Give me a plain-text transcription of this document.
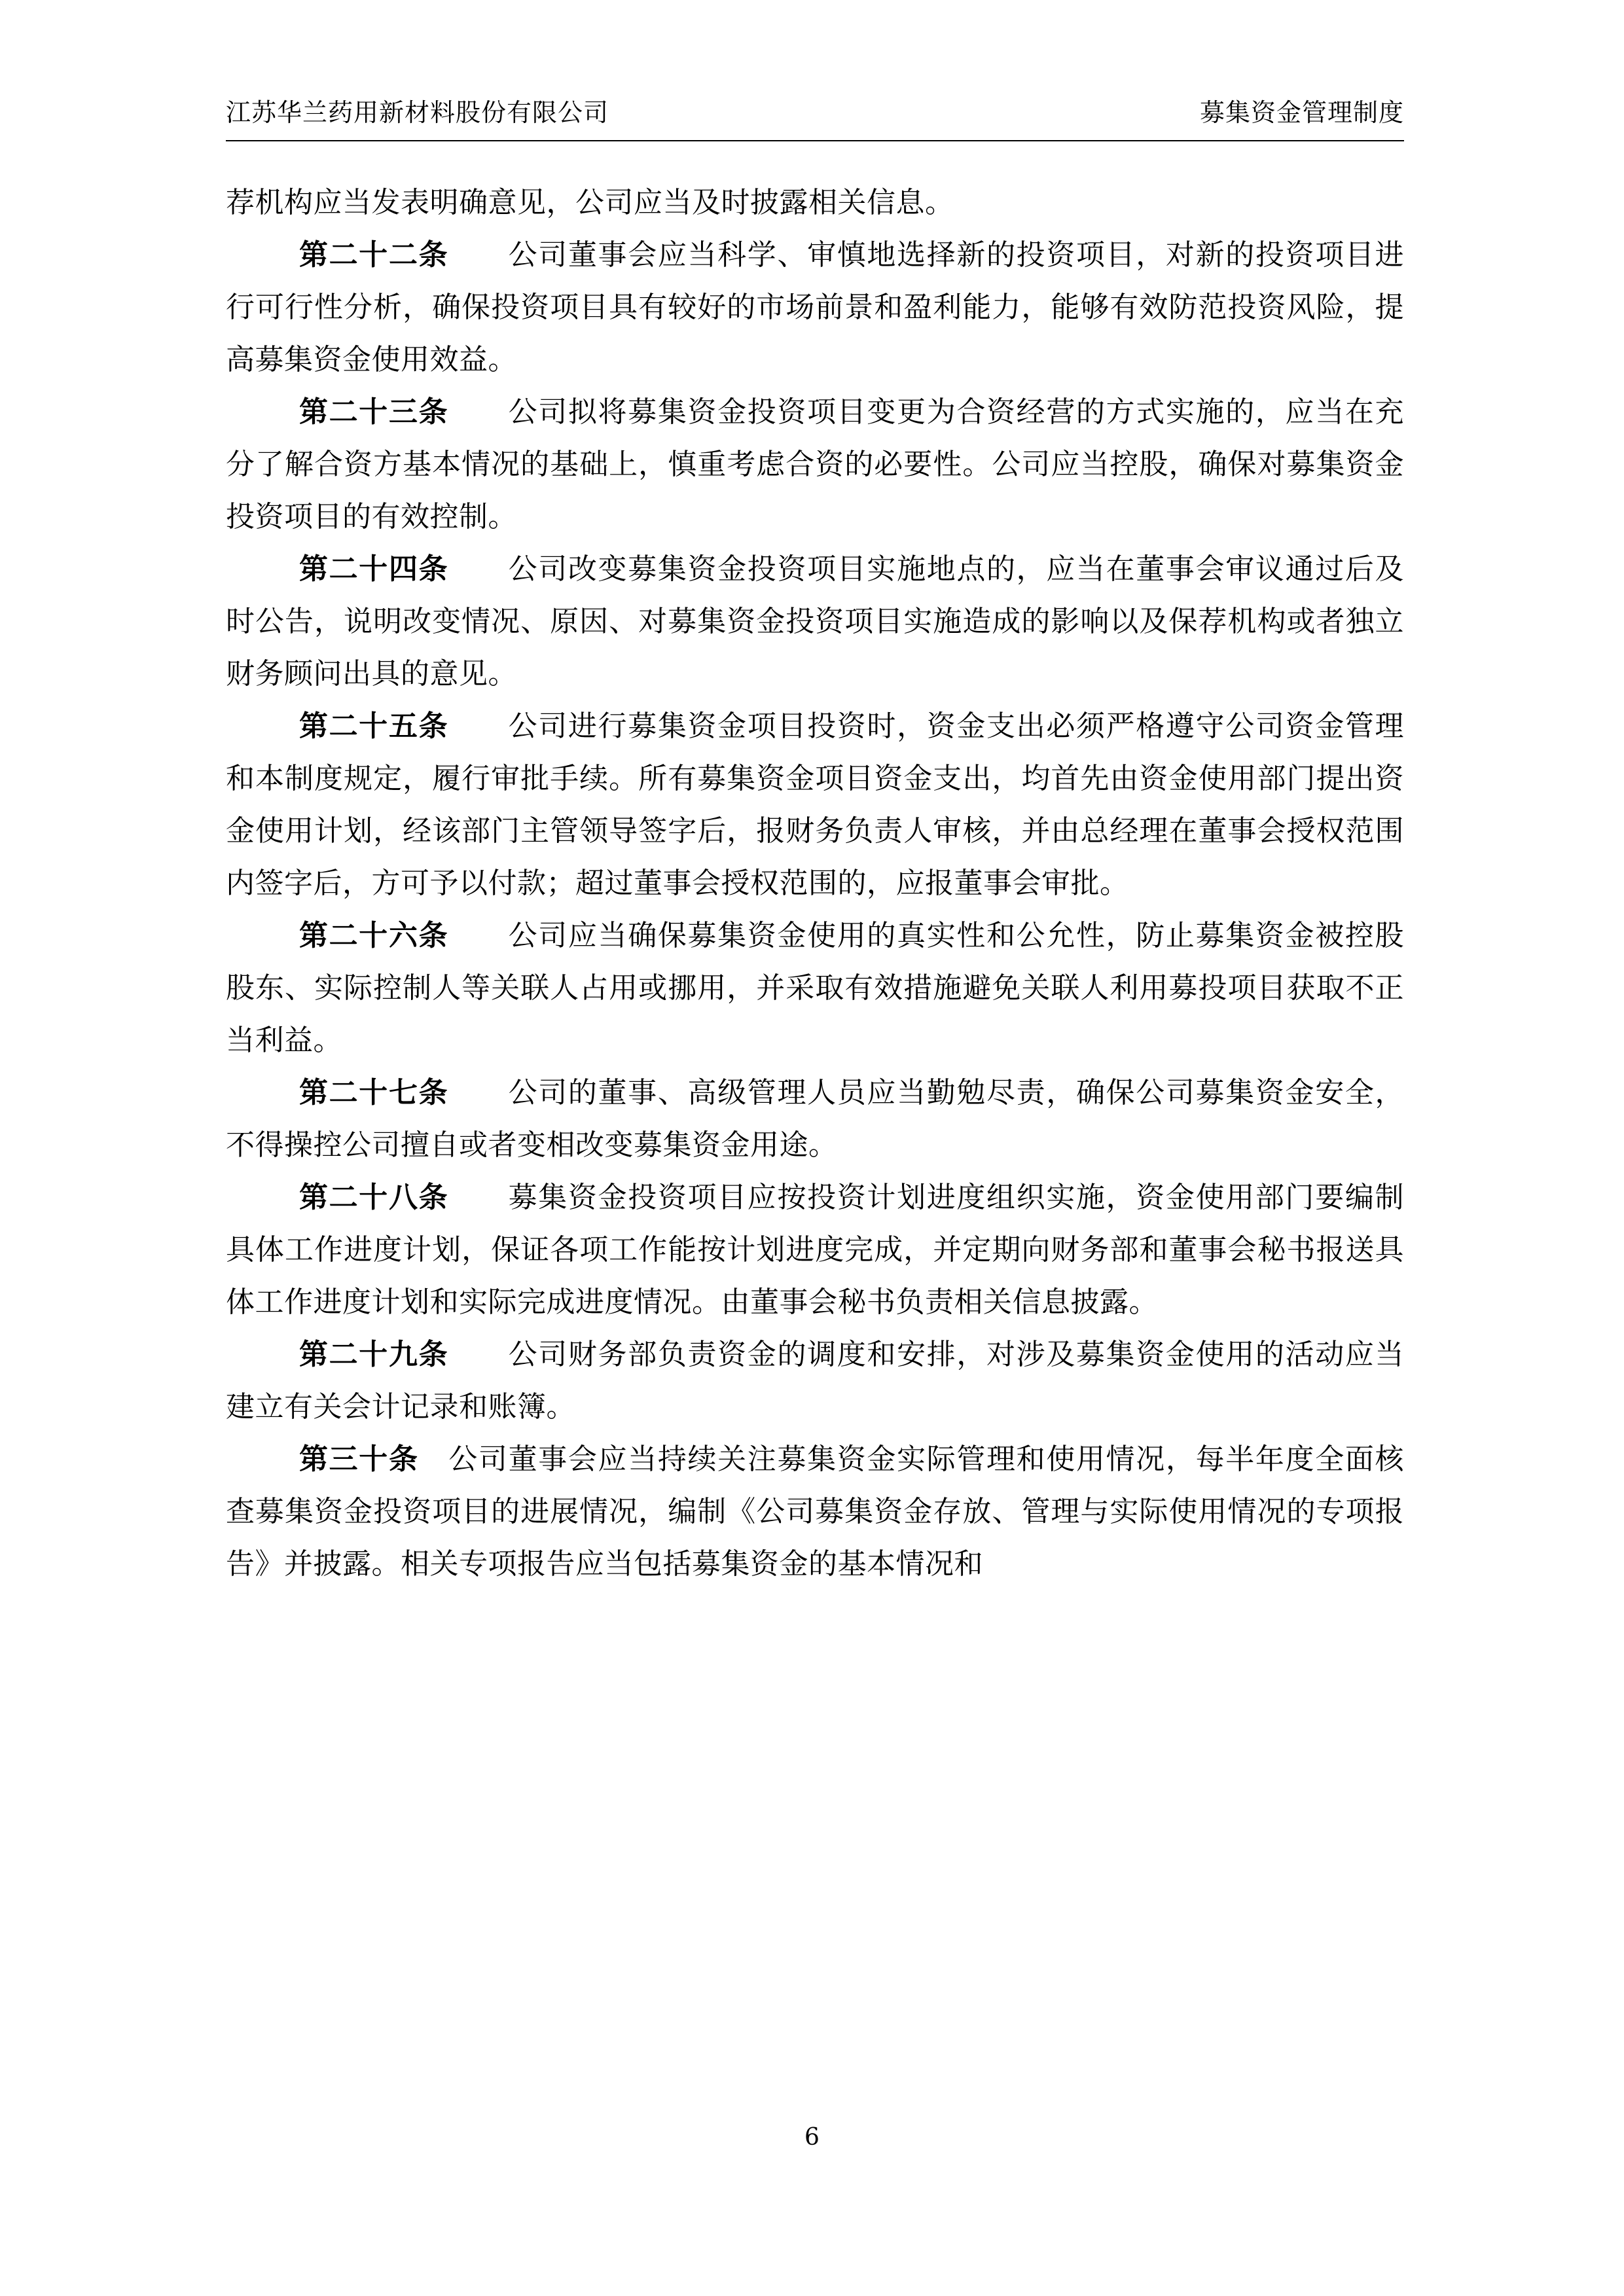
江苏华兰药用新材料股份有限公司	募集资金管理制度

荐机构应当发表明确意见，公司应当及时披露相关信息。

第二十二条　　 公司董事会应当科学、审慎地选择新的投资项目，对新的投资项目进行可行性分析，确保投资项目具有较好的市场前景和盈利能力，能够有效防范投资风险，提高募集资金使用效益。

第二十三条　　 公司拟将募集资金投资项目变更为合资经营的方式实施的，应当在充分了解合资方基本情况的基础上，慎重考虑合资的必要性。公司应当控股，确保对募集资金投资项目的有效控制。

第二十四条　　 公司改变募集资金投资项目实施地点的，应当在董事会审议通过后及时公告，说明改变情况、原因、对募集资金投资项目实施造成的影响以及保荐机构或者独立财务顾问出具的意见。

第二十五条　　 公司进行募集资金项目投资时，资金支出必须严格遵守公司资金管理和本制度规定，履行审批手续。所有募集资金项目资金支出，均首先由资金使用部门提出资金使用计划，经该部门主管领导签字后，报财务负责人审核，并由总经理在董事会授权范围内签字后，方可予以付款；超过董事会授权范围的，应报董事会审批。

第二十六条　　 公司应当确保募集资金使用的真实性和公允性，防止募集资金被控股股东、实际控制人等关联人占用或挪用，并采取有效措施避免关联人利用募投项目获取不正当利益。

第二十七条　　 公司的董事、高级管理人员应当勤勉尽责，确保公司募集资金安全，不得操控公司擅自或者变相改变募集资金用途。

第二十八条　　 募集资金投资项目应按投资计划进度组织实施，资金使用部门要编制具体工作进度计划，保证各项工作能按计划进度完成，并定期向财务部和董事会秘书报送具体工作进度计划和实际完成进度情况。由董事会秘书负责相关信息披露。

第二十九条　　 公司财务部负责资金的调度和安排，对涉及募集资金使用的活动应当建立有关会计记录和账簿。

第三十条　 公司董事会应当持续关注募集资金实际管理和使用情况，每半年度全面核查募集资金投资项目的进展情况，编制《公司募集资金存放、管理与实际使用情况的专项报告》并披露。相关专项报告应当包括募集资金的基本情况和

6
